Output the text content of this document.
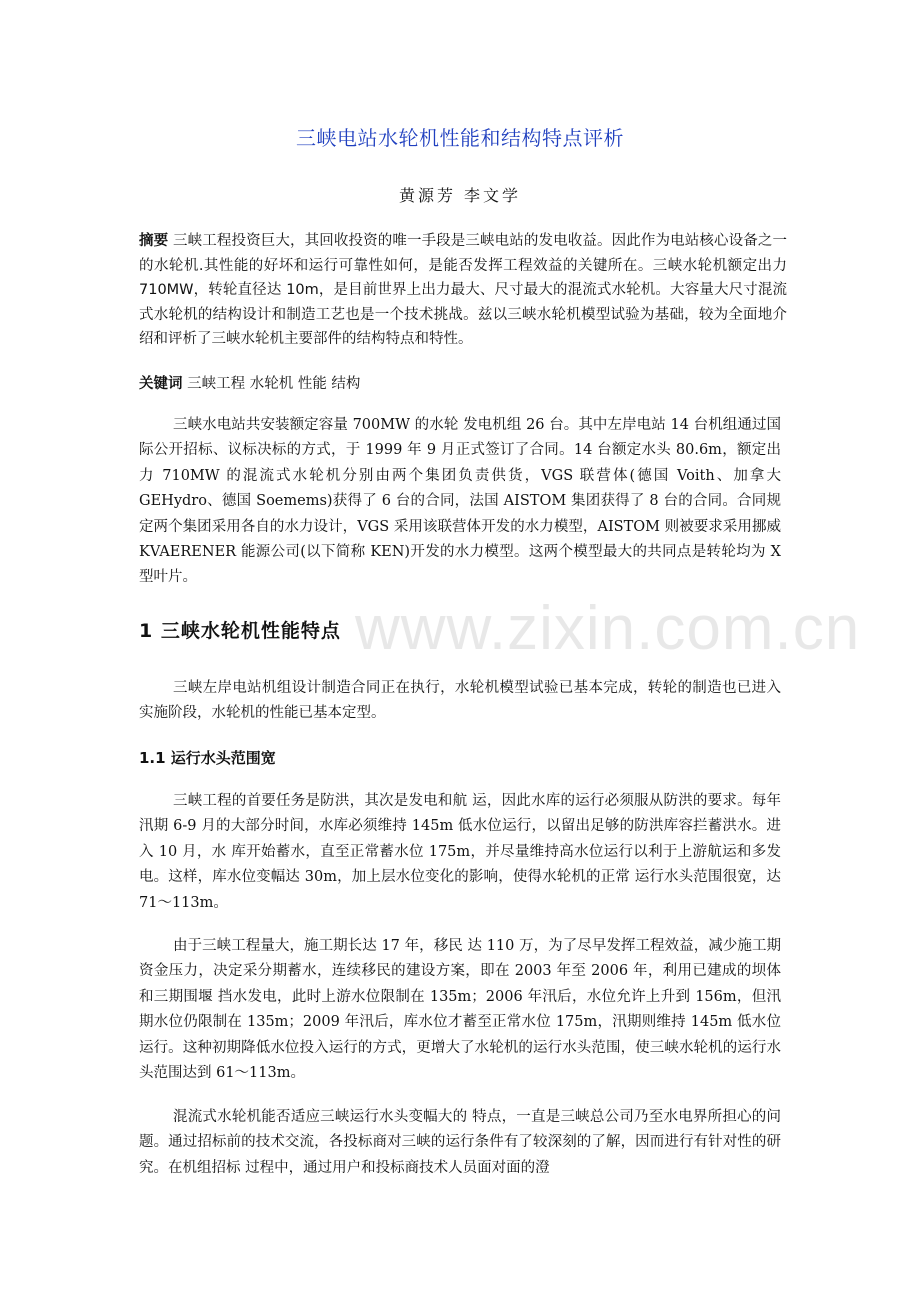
三峡电站水轮机性能和结构特点评析
黄源芳 李文学
摘要 三峡工程投资巨大，其回收投资的唯一手段是三峡电站的发电收益。因此作为电站核心设备之一的水轮机.其性能的好坏和运行可靠性如何，是能否发挥工程效益的关键所在。三峡水轮机额定出力 710MW，转轮直径达 10m，是目前世界上出力最大、尺寸最大的混流式水轮机。大容量大尺寸混流式水轮机的结构设计和制造工艺也是一个技术挑战。兹以三峡水轮机模型试验为基础，较为全面地介绍和评析了三峡水轮机主要部件的结构特点和特性。
关键词 三峡工程 水轮机 性能 结构
三峡水电站共安装额定容量 700MW 的水轮 发电机组 26 台。其中左岸电站 14 台机组通过国际公开招标、议标决标的方式，于 1999 年 9 月正式签订了合同。14 台额定水头 80.6m，额定出力 710MW 的混流式水轮机分别由两个集团负责供货，VGS 联营体(德国 Voith、加拿大 GEHydro、德国 Soemems)获得了 6 台的合同，法国 AISTOM 集团获得了 8 台的合同。合同规定两个集团采用各自的水力设计，VGS 采用该联营体开发的水力模型，AISTOM 则被要求采用挪威 KVAERENER 能源公司(以下简称 KEN)开发的水力模型。这两个模型最大的共同点是转轮均为 X 型叶片。
1 三峡水轮机性能特点
三峡左岸电站机组设计制造合同正在执行，水轮机模型试验已基本完成，转轮的制造也已进入实施阶段，水轮机的性能已基本定型。
1.1 运行水头范围宽
三峡工程的首要任务是防洪，其次是发电和航 运，因此水库的运行必须服从防洪的要求。每年汛期 6-9 月的大部分时间，水库必须维持 145m 低水位运行，以留出足够的防洪库容拦蓄洪水。进入 10 月，水 库开始蓄水，直至正常蓄水位 175m，并尽量维持高水位运行以利于上游航运和多发电。这样，库水位变幅达 30m，加上层水位变化的影响，使得水轮机的正常 运行水头范围很宽，达 71～113m。
由于三峡工程量大，施工期长达 17 年，移民 达 110 万，为了尽早发挥工程效益，减少施工期资金压力，决定采分期蓄水，连续移民的建设方案，即在 2003 年至 2006 年，利用已建成的坝体和三期围堰 挡水发电，此时上游水位限制在 135m；2006 年汛后，水位允许上升到 156m，但汛期水位仍限制在 135m；2009 年汛后，库水位才蓄至正常水位 175m，汛期则维持 145m 低水位运行。这种初期降低水位投入运行的方式，更增大了水轮机的运行水头范围，使三峡水轮机的运行水头范围达到 61～113m。
混流式水轮机能否适应三峡运行水头变幅大的 特点，一直是三峡总公司乃至水电界所担心的问题。通过招标前的技术交流，各投标商对三峡的运行条件有了较深刻的了解，因而进行有针对性的研究。在机组招标 过程中，通过用户和投标商技术人员面对面的澄
www.zixin.com.cn
